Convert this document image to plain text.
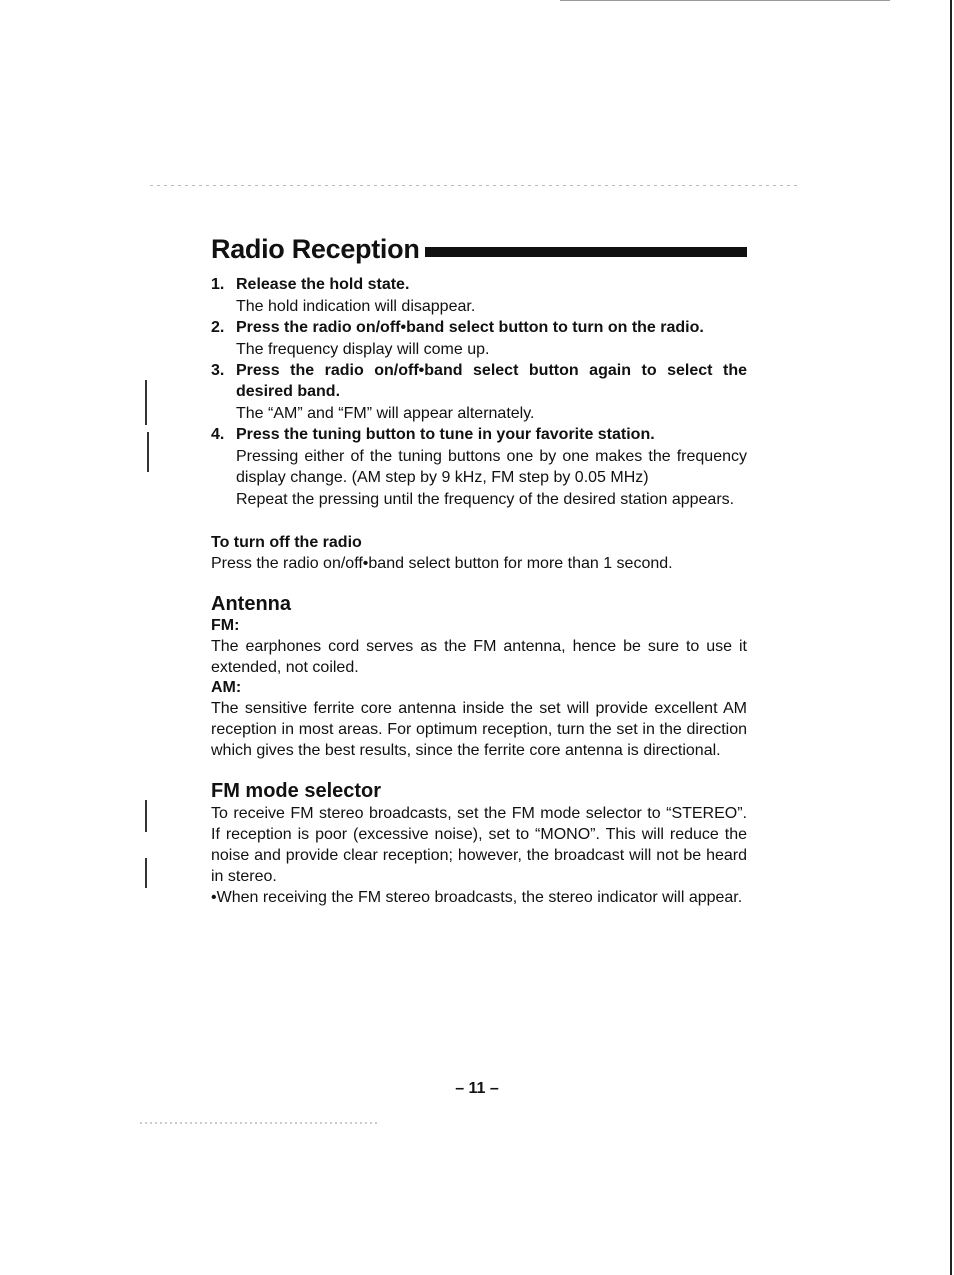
Radio Reception
1. Release the hold state.
The hold indication will disappear.
2. Press the radio on/off•band select button to turn on the radio.
The frequency display will come up.
3. Press the radio on/off•band select button again to select the desired band.
The “AM” and “FM” will appear alternately.
4. Press the tuning button to tune in your favorite station.
Pressing either of the tuning buttons one by one makes the frequency display change. (AM step by 9 kHz, FM step by 0.05 MHz)
Repeat the pressing until the frequency of the desired station appears.
To turn off the radio
Press the radio on/off•band select button for more than 1 second.
Antenna
FM:
The earphones cord serves as the FM antenna, hence be sure to use it extended, not coiled.
AM:
The sensitive ferrite core antenna inside the set will provide excellent AM reception in most areas. For optimum reception, turn the set in the direction which gives the best results, since the ferrite core antenna is directional.
FM mode selector
To receive FM stereo broadcasts, set the FM mode selector to “STEREO”. If reception is poor (excessive noise), set to “MONO”. This will reduce the noise and provide clear reception; however, the broadcast will not be heard in stereo.
•When receiving the FM stereo broadcasts, the stereo indicator will appear.
– 11 –
